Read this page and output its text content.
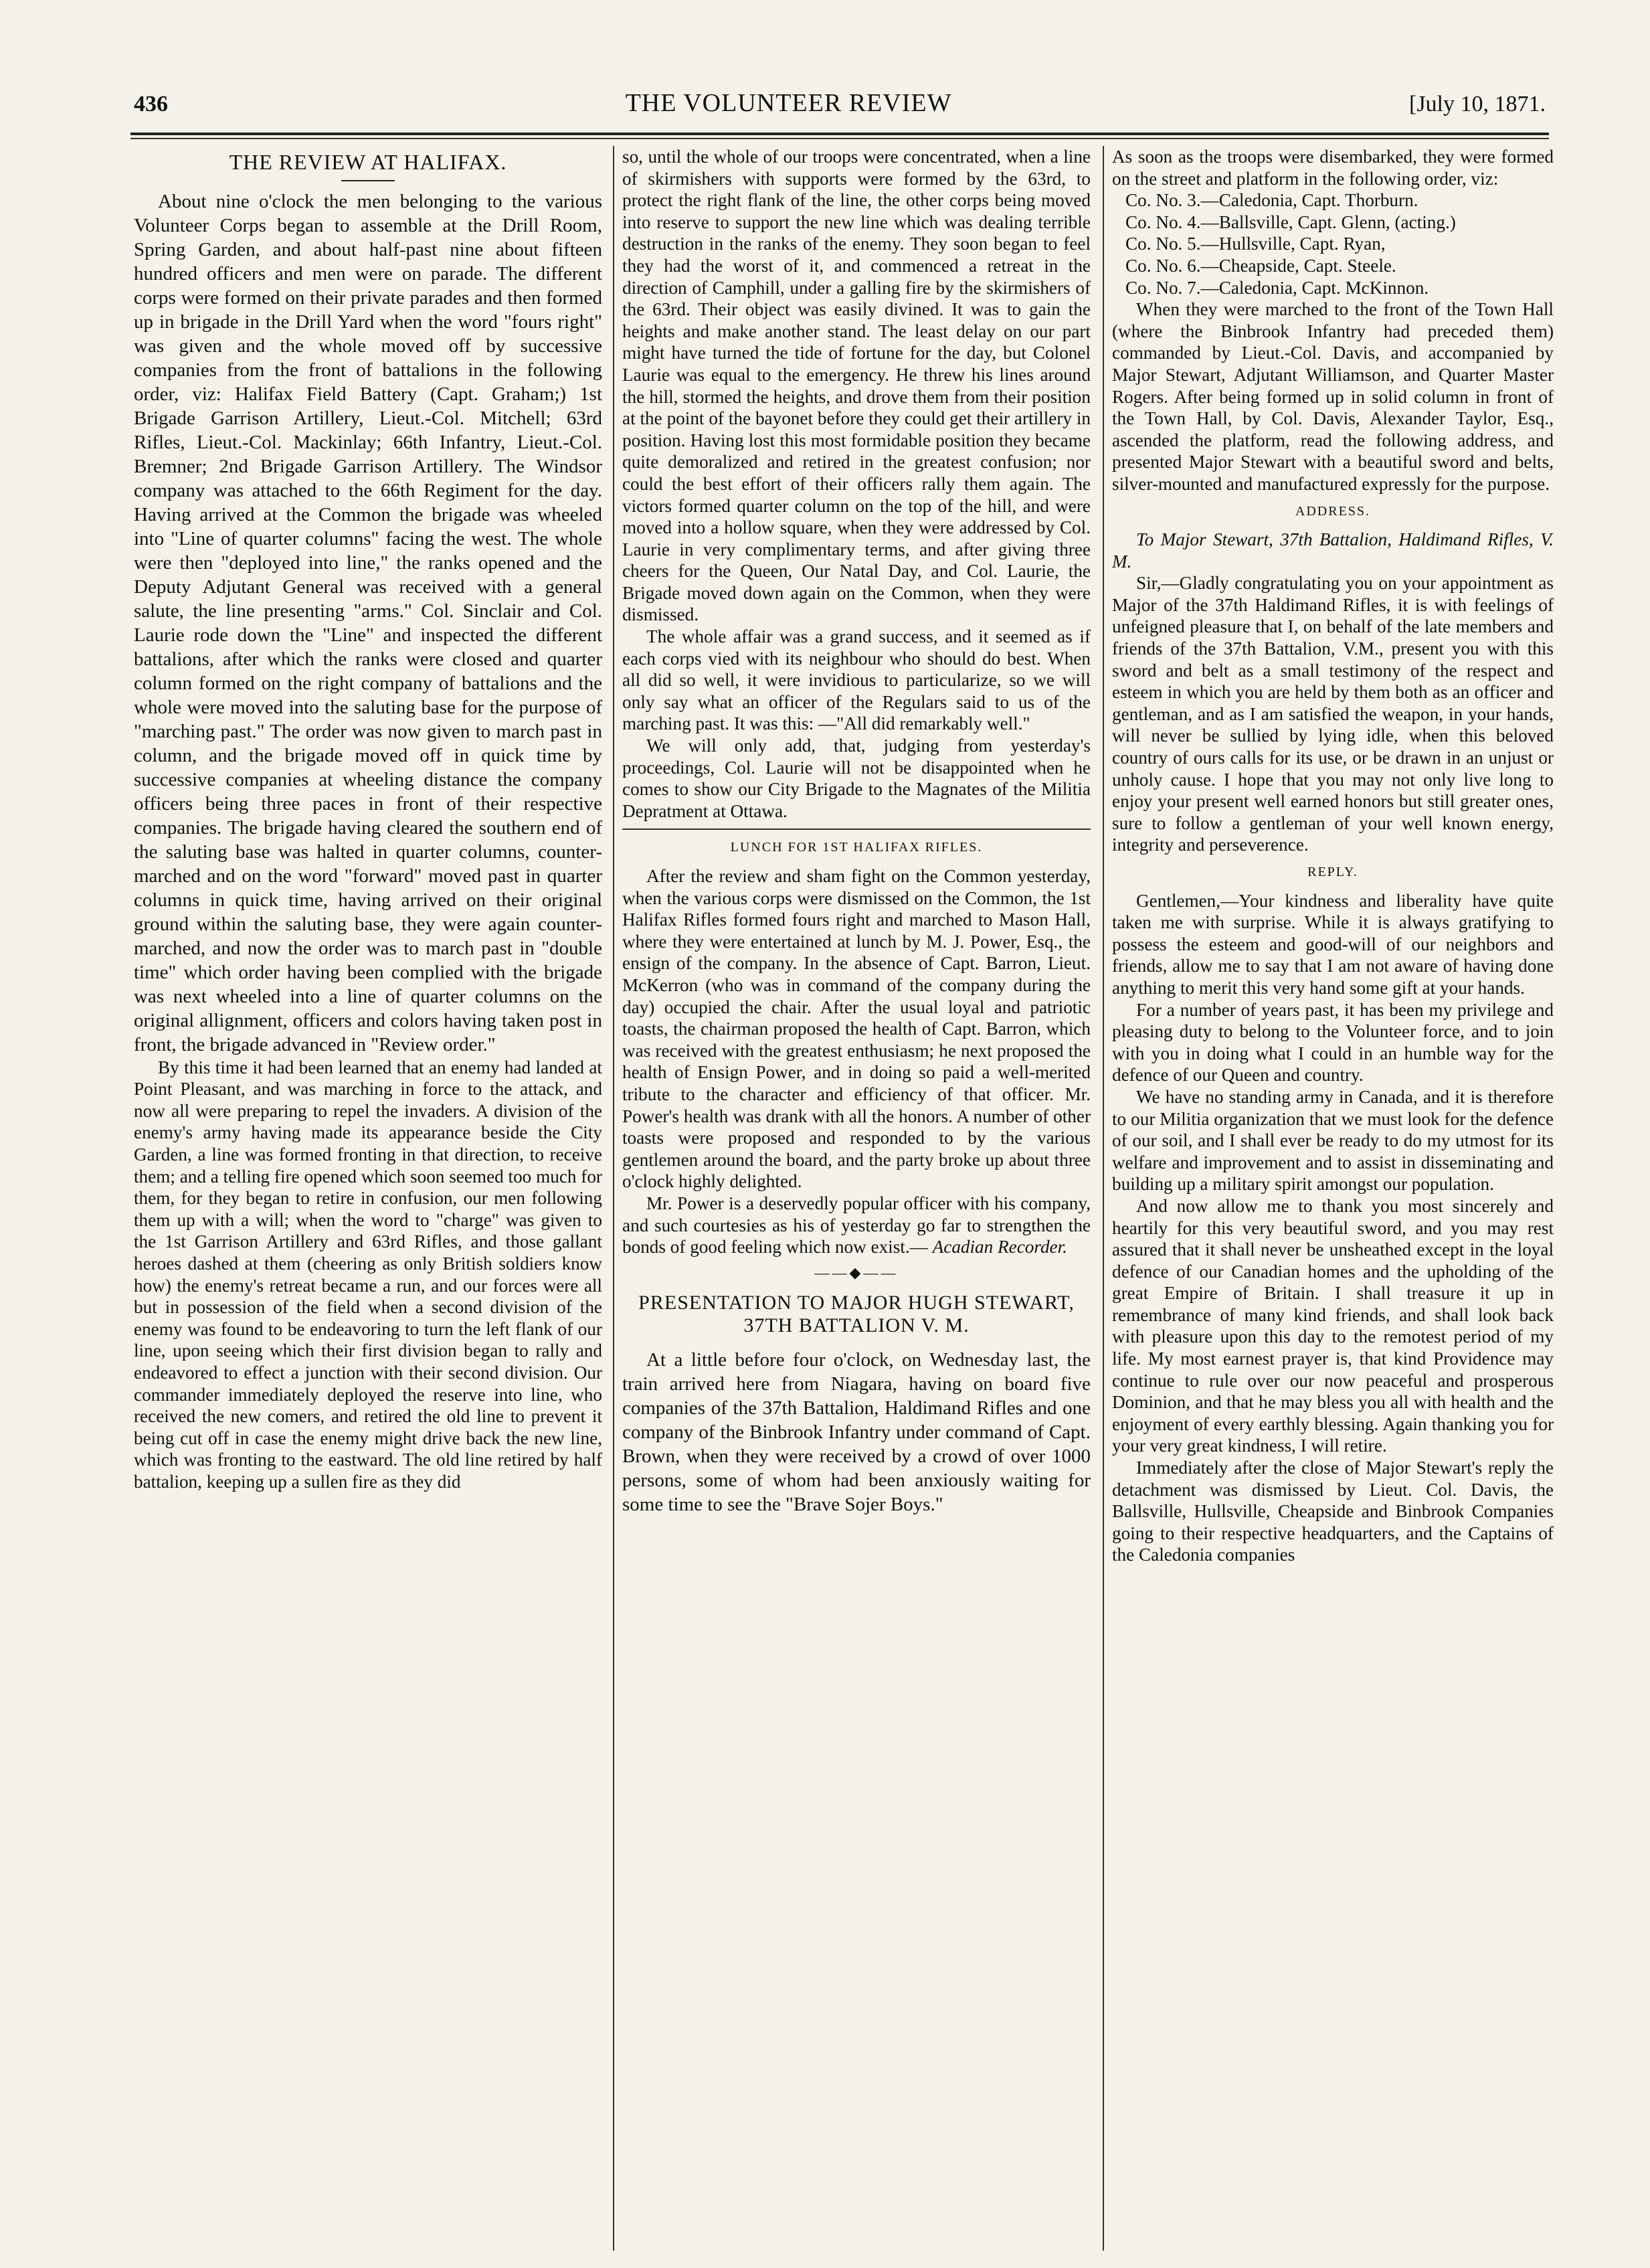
436	THE VOLUNTEER REVIEW	[July 10, 1871.
THE REVIEW AT HALIFAX.

About nine o'clock the men belonging to the various Volunteer Corps began to assemble at the Drill Room, Spring Garden, and about half-past nine about fifteen hundred officers and men were on parade. The different corps were formed on their private parades and then formed up in brigade in the Drill Yard when the word "fours right" was given and the whole moved off by successive companies from the front of battalions in the following order, viz: Halifax Field Battery (Capt. Graham;) 1st Brigade Garrison Artillery, Lieut.-Col. Mitchell; 63rd Rifles, Lieut.-Col. Mackinlay; 66th Infantry, Lieut.-Col. Bremner; 2nd Brigade Garrison Artillery. The Windsor company was attached to the 66th Regiment for the day. Having arrived at the Common the brigade was wheeled into "Line of quarter columns" facing the west. The whole were then "deployed into line," the ranks opened and the Deputy Adjutant General was received with a general salute, the line presenting "arms." Col. Sinclair and Col. Laurie rode down the "Line" and inspected the different battalions, after which the ranks were closed and quarter column formed on the right company of battalions and the whole were moved into the saluting base for the purpose of "marching past." The order was now given to march past in column, and the brigade moved off in quick time by successive companies at wheeling distance the company officers being three paces in front of their respective companies. The brigade having cleared the southern end of the saluting base was halted in quarter columns, counter-marched and on the word "forward" moved past in quarter columns in quick time, having arrived on their original ground within the saluting base, they were again counter-marched, and now the order was to march past in "double time" which order having been complied with the brigade was next wheeled into a line of quarter columns on the original allignment, officers and colors having taken post in front, the brigade advanced in "Review order."

By this time it had been learned that an enemy had landed at Point Pleasant, and was marching in force to the attack, and now all were preparing to repel the invaders. A division of the enemy's army having made its appearance beside the City Garden, a line was formed fronting in that direction, to receive them; and a telling fire opened which soon seemed too much for them, for they began to retire in confusion, our men following them up with a will; when the word to "charge" was given to the 1st Garrison Artillery and 63rd Rifles, and those gallant heroes dashed at them (cheering as only British soldiers know how) the enemy's retreat became a run, and our forces were all but in possession of the field when a second division of the enemy was found to be endeavoring to turn the left flank of our line, upon seeing which their first division began to rally and endeavored to effect a junction with their second division. Our commander immediately deployed the reserve into line, who received the new comers, and retired the old line to prevent it being cut off in case the enemy might drive back the new line, which was fronting to the eastward. The old line retired by half battalion, keeping up a sullen fire as they did

so, until the whole of our troops were concentrated, when a line of skirmishers with supports were formed by the 63rd, to protect the right flank of the line, the other corps being moved into reserve to support the new line which was dealing terrible destruction in the ranks of the enemy. They soon began to feel they had the worst of it, and commenced a retreat in the direction of Camphill, under a galling fire by the skirmishers of the 63rd. Their object was easily divined. It was to gain the heights and make another stand. The least delay on our part might have turned the tide of fortune for the day, but Colonel Laurie was equal to the emergency. He threw his lines around the hill, stormed the heights, and drove them from their position at the point of the bayonet before they could get their artillery in position. Having lost this most formidable position they became quite demoralized and retired in the greatest confusion; nor could the best effort of their officers rally them again. The victors formed quarter column on the top of the hill, and were moved into a hollow square, when they were addressed by Col. Laurie in very complimentary terms, and after giving three cheers for the Queen, Our Natal Day, and Col. Laurie, the Brigade moved down again on the Common, when they were dismissed.

The whole affair was a grand success, and it seemed as if each corps vied with its neighbour who should do best. When all did so well, it were invidious to particularize, so we will only say what an officer of the Regulars said to us of the marching past. It was this: —"All did remarkably well."

We will only add, that, judging from yesterday's proceedings, Col. Laurie will not be disappointed when he comes to show our City Brigade to the Magnates of the Militia Depratment at Ottawa.

LUNCH FOR 1ST HALIFAX RIFLES.

After the review and sham fight on the Common yesterday, when the various corps were dismissed on the Common, the 1st Halifax Rifles formed fours right and marched to Mason Hall, where they were entertained at lunch by M. J. Power, Esq., the ensign of the company. In the absence of Capt. Barron, Lieut. McKerron (who was in command of the company during the day) occupied the chair. After the usual loyal and patriotic toasts, the chairman proposed the health of Capt. Barron, which was received with the greatest enthusiasm; he next proposed the health of Ensign Power, and in doing so paid a well-merited tribute to the character and efficiency of that officer. Mr. Power's health was drank with all the honors. A number of other toasts were proposed and responded to by the various gentlemen around the board, and the party broke up about three o'clock highly delighted.

Mr. Power is a deservedly popular officer with his company, and such courtesies as his of yesterday go far to strengthen the bonds of good feeling which now exist.— Acadian Recorder.

——◆——
PRESENTATION TO MAJOR HUGH STEWART, 37TH BATTALION V. M.

At a little before four o'clock, on Wednesday last, the train arrived here from Niagara, having on board five companies of the 37th Battalion, Haldimand Rifles and one company of the Binbrook Infantry under command of Capt. Brown, when they were received by a crowd of over 1000 persons, some of whom had been anxiously waiting for some time to see the "Brave Sojer Boys."

As soon as the troops were disembarked, they were formed on the street and platform in the following order, viz:

Co. No. 3.—Caledonia, Capt. Thorburn.
Co. No. 4.—Ballsville, Capt. Glenn, (acting.)
Co. No. 5.—Hullsville, Capt. Ryan,
Co. No. 6.—Cheapside, Capt. Steele.
Co. No. 7.—Caledonia, Capt. McKinnon.

When they were marched to the front of the Town Hall (where the Binbrook Infantry had preceded them) commanded by Lieut.-Col. Davis, and accompanied by Major Stewart, Adjutant Williamson, and Quarter Master Rogers. After being formed up in solid column in front of the Town Hall, by Col. Davis, Alexander Taylor, Esq., ascended the platform, read the following address, and presented Major Stewart with a beautiful sword and belts, silver-mounted and manufactured expressly for the purpose.

ADDRESS.

To Major Stewart, 37th Battalion, Haldimand Rifles, V. M.

Sir,—Gladly congratulating you on your appointment as Major of the 37th Haldimand Rifles, it is with feelings of unfeigned pleasure that I, on behalf of the late members and friends of the 37th Battalion, V.M., present you with this sword and belt as a small testimony of the respect and esteem in which you are held by them both as an officer and gentleman, and as I am satisfied the weapon, in your hands, will never be sullied by lying idle, when this beloved country of ours calls for its use, or be drawn in an unjust or unholy cause. I hope that you may not only live long to enjoy your present well earned honors but still greater ones, sure to follow a gentleman of your well known energy, integrity and perseverence.

REPLY.

Gentlemen,—Your kindness and liberality have quite taken me with surprise. While it is always gratifying to possess the esteem and good-will of our neighbors and friends, allow me to say that I am not aware of having done anything to merit this very hand some gift at your hands.

For a number of years past, it has been my privilege and pleasing duty to belong to the Volunteer force, and to join with you in doing what I could in an humble way for the defence of our Queen and country.

We have no standing army in Canada, and it is therefore to our Militia organization that we must look for the defence of our soil, and I shall ever be ready to do my utmost for its welfare and improvement and to assist in disseminating and building up a military spirit amongst our population.

And now allow me to thank you most sincerely and heartily for this very beautiful sword, and you may rest assured that it shall never be unsheathed except in the loyal defence of our Canadian homes and the upholding of the great Empire of Britain. I shall treasure it up in remembrance of many kind friends, and shall look back with pleasure upon this day to the remotest period of my life. My most earnest prayer is, that kind Providence may continue to rule over our now peaceful and prosperous Dominion, and that he may bless you all with health and the enjoyment of every earthly blessing. Again thanking you for your very great kindness, I will retire.

Immediately after the close of Major Stewart's reply the detachment was dismissed by Lieut. Col. Davis, the Ballsville, Hullsville, Cheapside and Binbrook Companies going to their respective headquarters, and the Captains of the Caledonia companies
